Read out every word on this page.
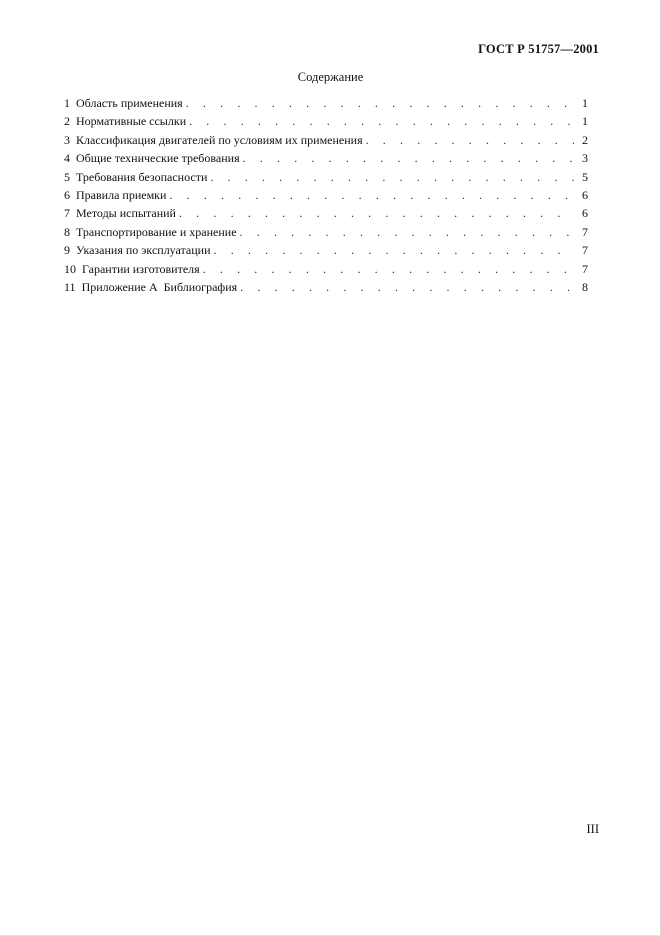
ГОСТ Р 51757—2001
Содержание
1 Область применения . . .	1
2 Нормативные ссылки . . .	1
3 Классификация двигателей по условиям их применения . . .	2
4 Общие технические требования . . .	3
5 Требования безопасности . . .	5
6 Правила приемки . . .	6
7 Методы испытаний . . .	6
8 Транспортирование и хранение . . .	7
9 Указания по эксплуатации . . .	7
10 Гарантии изготовителя . . .	7
11 Приложение А  Библиография . . .	8
III
